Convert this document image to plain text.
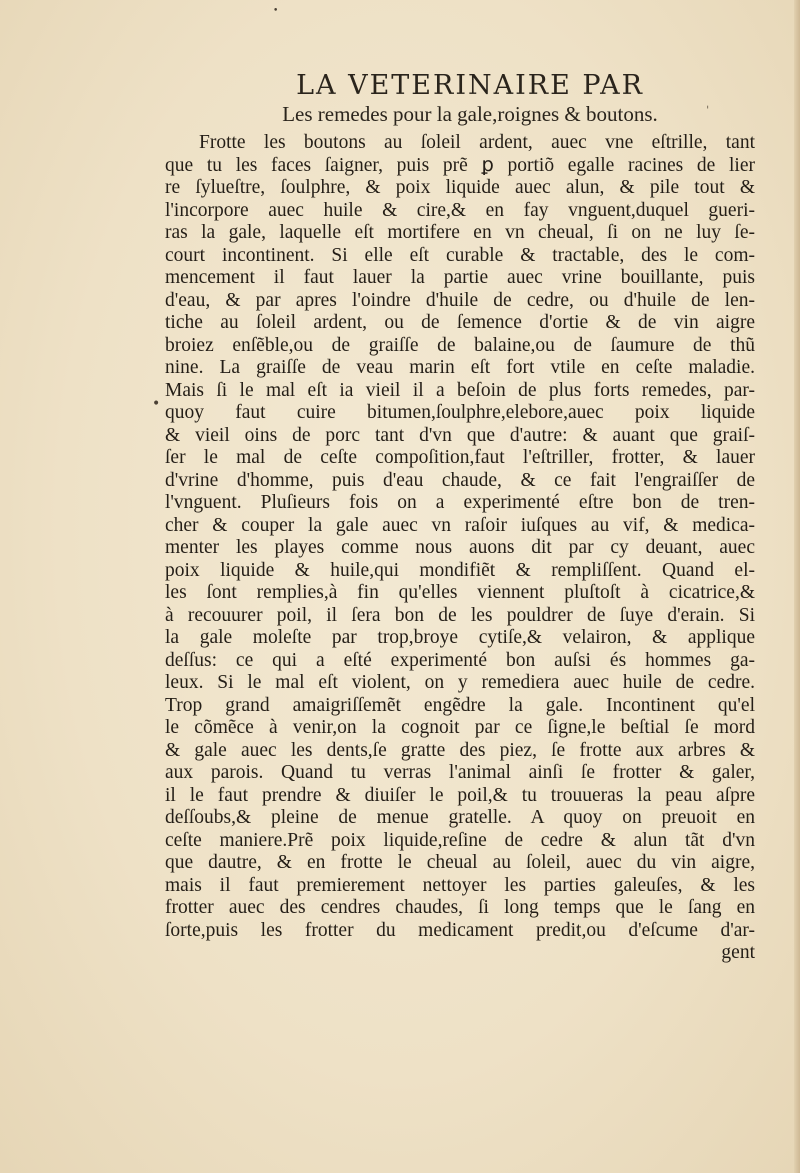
•
•
ˈ
LA VETERINAIRE PAR
Les remedes pour la gale,roignes & boutons.
Frotte les boutons au ſoleil ardent, auec vne eſtrille, tant
que tu les faces ſaigner, puis prẽ ꝑ portiõ egalle racines de lier
re ſylueſtre, ſoulphre, & poix liquide auec alun, & pile tout &
l'incorpore auec huile & cire,& en fay vnguent,duquel gueri-
ras la gale, laquelle eſt mortifere en vn cheual, ſi on ne luy ſe-
court incontinent. Si elle eſt curable & tractable, des le com-
mencement il faut lauer la partie auec vrine bouillante, puis
d'eau, & par apres l'oindre d'huile de cedre, ou d'huile de len-
tiche au ſoleil ardent, ou de ſemence d'ortie & de vin aigre
broiez enſẽble,ou de graiſſe de balaine,ou de ſaumure de thũ
nine. La graiſſe de veau marin eſt fort vtile en ceſte maladie.
Mais ſi le mal eſt ia vieil il a beſoin de plus forts remedes, par-
quoy faut cuire bitumen,ſoulphre,elebore,auec poix liquide
& vieil oins de porc tant d'vn que d'autre: & auant que graiſ-
ſer le mal de ceſte compoſition,faut l'eſtriller, frotter, & lauer
d'vrine d'homme, puis d'eau chaude, & ce fait l'engraiſſer de
l'vnguent. Pluſieurs fois on a experimenté eſtre bon de tren-
cher & couper la gale auec vn raſoir iuſques au vif, & medica-
menter les playes comme nous auons dit par cy deuant, auec
poix liquide & huile,qui mondifiẽt & rempliſſent. Quand el-
les ſont remplies,à fin qu'elles viennent pluſtoſt à cicatrice,&
à recouurer poil, il ſera bon de les pouldrer de ſuye d'erain. Si
la gale moleſte par trop,broye cytiſe,& velairon, & applique
deſſus: ce qui a eſté experimenté bon auſsi és hommes ga-
leux. Si le mal eſt violent, on y remediera auec huile de cedre.
Trop grand amaigriſſemẽt engẽdre la gale. Incontinent qu'el
le cõmẽce à venir,on la cognoit par ce ſigne,le beſtial ſe mord
& gale auec les dents,ſe gratte des piez, ſe frotte aux arbres &
aux parois. Quand tu verras l'animal ainſi ſe frotter & galer,
il le faut prendre & diuiſer le poil,& tu trouueras la peau aſpre
deſſoubs,& pleine de menue gratelle. A quoy on preuoit en
ceſte maniere.Prẽ poix liquide,reſine de cedre & alun tãt d'vn
que dautre, & en frotte le cheual au ſoleil, auec du vin aigre,
mais il faut premierement nettoyer les parties galeuſes, & les
frotter auec des cendres chaudes, ſi long temps que le ſang en
ſorte,puis les frotter du medicament predit,ou d'eſcume d'ar-
gent
